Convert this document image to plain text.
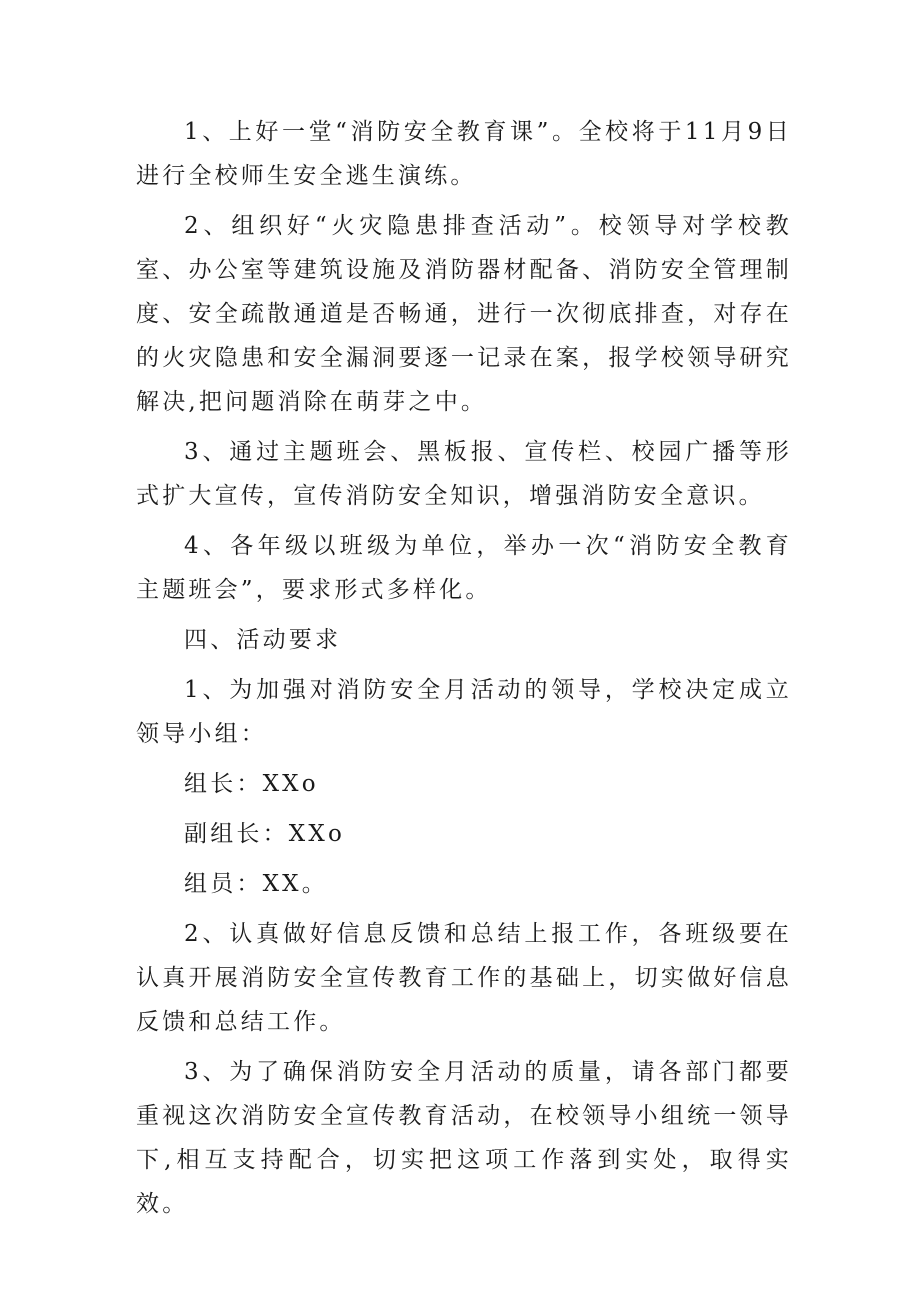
1、上好一堂“消防安全教育课”。全校将于11月9日进行全校师生安全逃生演练。

2、组织好“火灾隐患排查活动”。校领导对学校教室、办公室等建筑设施及消防器材配备、消防安全管理制度、安全疏散通道是否畅通，进行一次彻底排查，对存在的火灾隐患和安全漏洞要逐一记录在案，报学校领导研究解决,把问题消除在萌芽之中。

3、通过主题班会、黑板报、宣传栏、校园广播等形式扩大宣传，宣传消防安全知识，增强消防安全意识。

4、各年级以班级为单位，举办一次“消防安全教育主题班会”，要求形式多样化。

四、活动要求

1、为加强对消防安全月活动的领导，学校决定成立领导小组：

组长：XXo

副组长：XXo

组员：XX。

2、认真做好信息反馈和总结上报工作，各班级要在认真开展消防安全宣传教育工作的基础上，切实做好信息反馈和总结工作。

3、为了确保消防安全月活动的质量，请各部门都要重视这次消防安全宣传教育活动，在校领导小组统一领导下,相互支持配合，切实把这项工作落到实处，取得实效。
